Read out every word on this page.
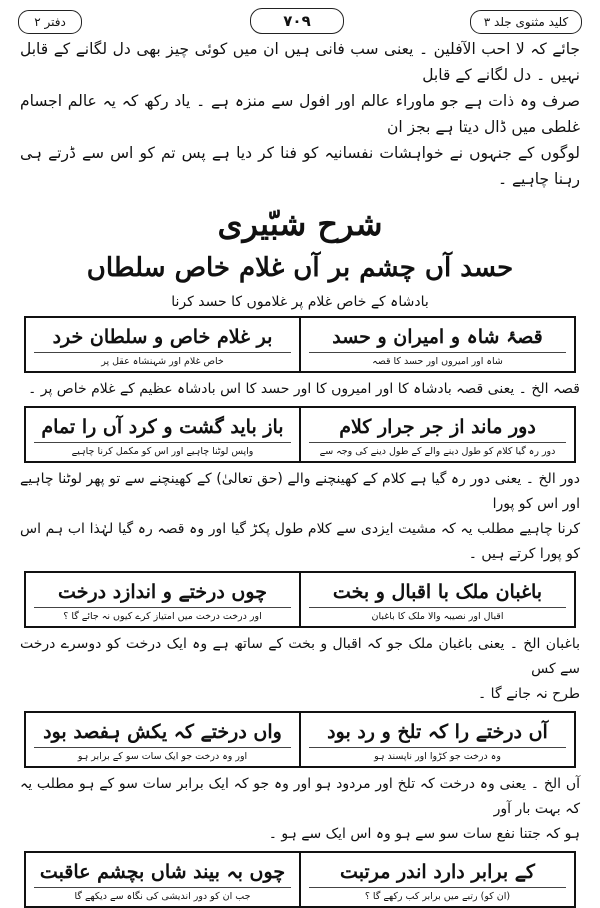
کلید مثنوی جلد ۳
۷۰۹
دفتر ۲

جائے کہ لا احب الآفلین ۔ یعنی سب فانی ہیں ان میں کوئی چیز بھی دل لگانے کے قابل نہیں ۔ دل لگانے کے قابل

صرف وہ ذات ہے جو ماوراء عالم اور افول سے منزہ ہے ۔ یاد رکھ کہ یہ عالم اجسام غلطی میں ڈال دیتا ہے بجز ان

لوگوں کے جنہوں نے خواہشات نفسانیہ کو فنا کر دیا ہے پس تم کو اس سے ڈرتے ہی رہنا چاہیے ۔

شرح شبّیری
حسد آں چشم بر آں غلام خاص سلطاں
بادشاہ کے خاص غلام پر غلاموں کا حسد کرنا
قصۂ شاہ و امیران و حسد
شاہ اور امیروں اور حسد کا قصہ
بر غلام خاص و سلطان خرد
خاص غلام اور شہنشاہ عقل پر

قصہ الخ ۔ یعنی قصہ بادشاہ کا اور امیروں کا اور حسد کا اس بادشاہ عظیم کے غلام خاص پر ۔

دور ماند از جر جرار کلام
دور رہ گیا کلام کو طول دینے والے کے طول دینے کی وجہ سے
باز باید گشت و کرد آں را تمام
واپس لوٹنا چاہیے اور اس کو مکمل کرنا چاہیے

دور الخ ۔ یعنی دور رہ گیا ہے کلام کے کھینچنے والے (حق تعالیٰ) کے کھینچنے سے تو پھر لوٹنا چاہیے اور اس کو پورا

کرنا چاہیے مطلب یہ کہ مشیت ایزدی سے کلام طول پکڑ گیا اور وہ قصہ رہ گیا لہٰذا اب ہم اس کو پورا کرتے ہیں ۔

باغبان ملک با اقبال و بخت
اقبال اور نصیبہ والا ملک کا باغبان
چوں درختے و اندازد درخت
اور درخت درخت میں امتیاز کرے کیوں نہ جائے گا ؟

باغبان الخ ۔ یعنی باغبان ملک جو کہ اقبال و بخت کے ساتھ ہے وہ ایک درخت کو دوسرے درخت سے کس

طرح نہ جانے گا ۔

آں درختے را کہ تلخ و رد بود
وہ درخت جو کڑوا اور ناپسند ہو
واں درختے کہ یکش ہفصد بود
اور وہ درخت جو ایک سات سو کے برابر ہو

آں الخ ۔ یعنی وہ درخت کہ تلخ اور مردود ہو اور وہ جو کہ ایک برابر سات سو کے ہو مطلب یہ کہ بہت بار آور

ہو کہ جتنا نفع سات سو سے ہو وہ اس ایک سے ہو ۔

کے برابر دارد اندر مرتبت
(ان کو) رتبے میں برابر کب رکھے گا ؟
چوں بہ بیند شاں بچشم عاقبت
جب ان کو دور اندیشی کی نگاہ سے دیکھے گا
